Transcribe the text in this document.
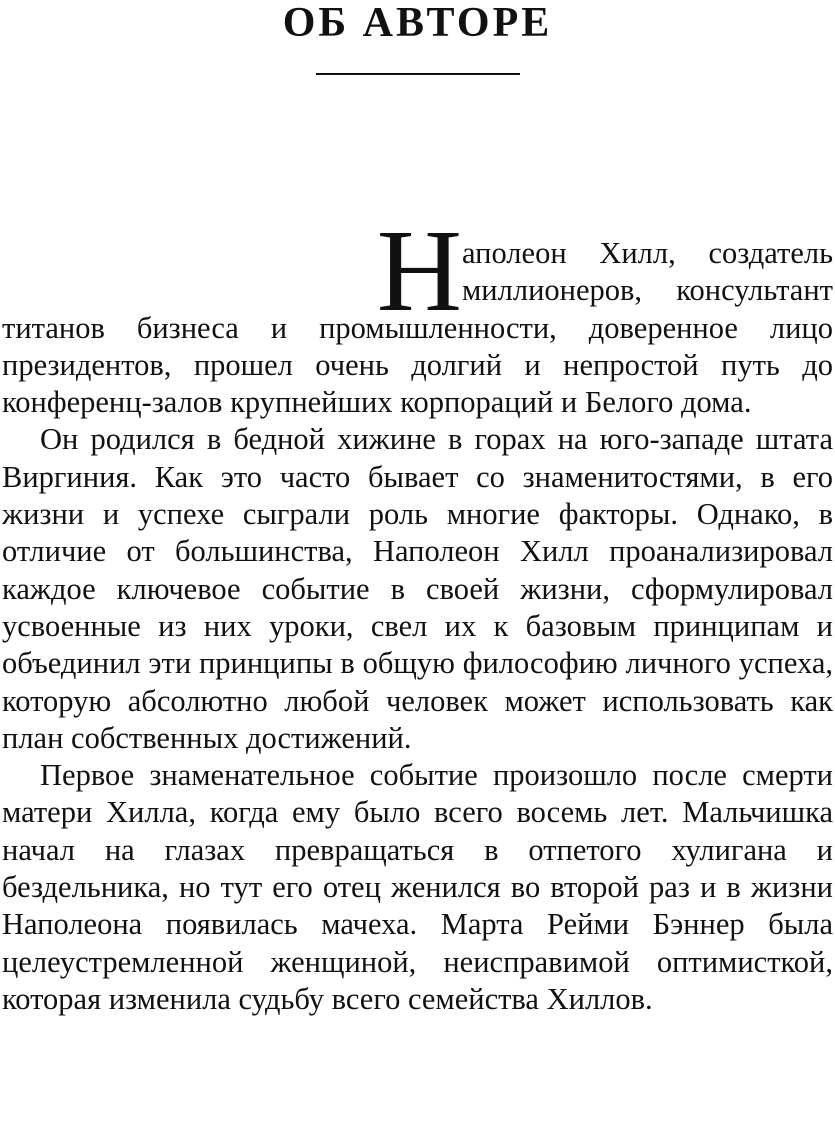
ОБ АВТОРЕ

Н аполеон Хилл, создатель миллионеров, консультант титанов бизнеса и промышленности, доверенное лицо президентов, прошел очень долгий и непростой путь до конференц-залов крупнейших корпораций и Белого дома.

Он родился в бедной хижине в горах на юго-западе штата Виргиния. Как это часто бывает со знаменитостями, в его жизни и успехе сыграли роль многие факторы. Однако, в отличие от большинства, Наполеон Хилл проанализировал каждое ключевое событие в своей жизни, сформулировал усвоенные из них уроки, свел их к базовым принципам и объединил эти принципы в общую философию личного успеха, которую абсолютно любой человек может использовать как план собственных достижений.

Первое знаменательное событие произошло после смерти матери Хилла, когда ему было всего восемь лет. Мальчишка начал на глазах превращаться в отпетого хулигана и бездельника, но тут его отец женился во второй раз и в жизни Наполеона появилась мачеха. Марта Рейми Бэннер была целеустремленной женщиной, неисправимой оптимисткой, которая изменила судьбу всего семейства Хиллов.
